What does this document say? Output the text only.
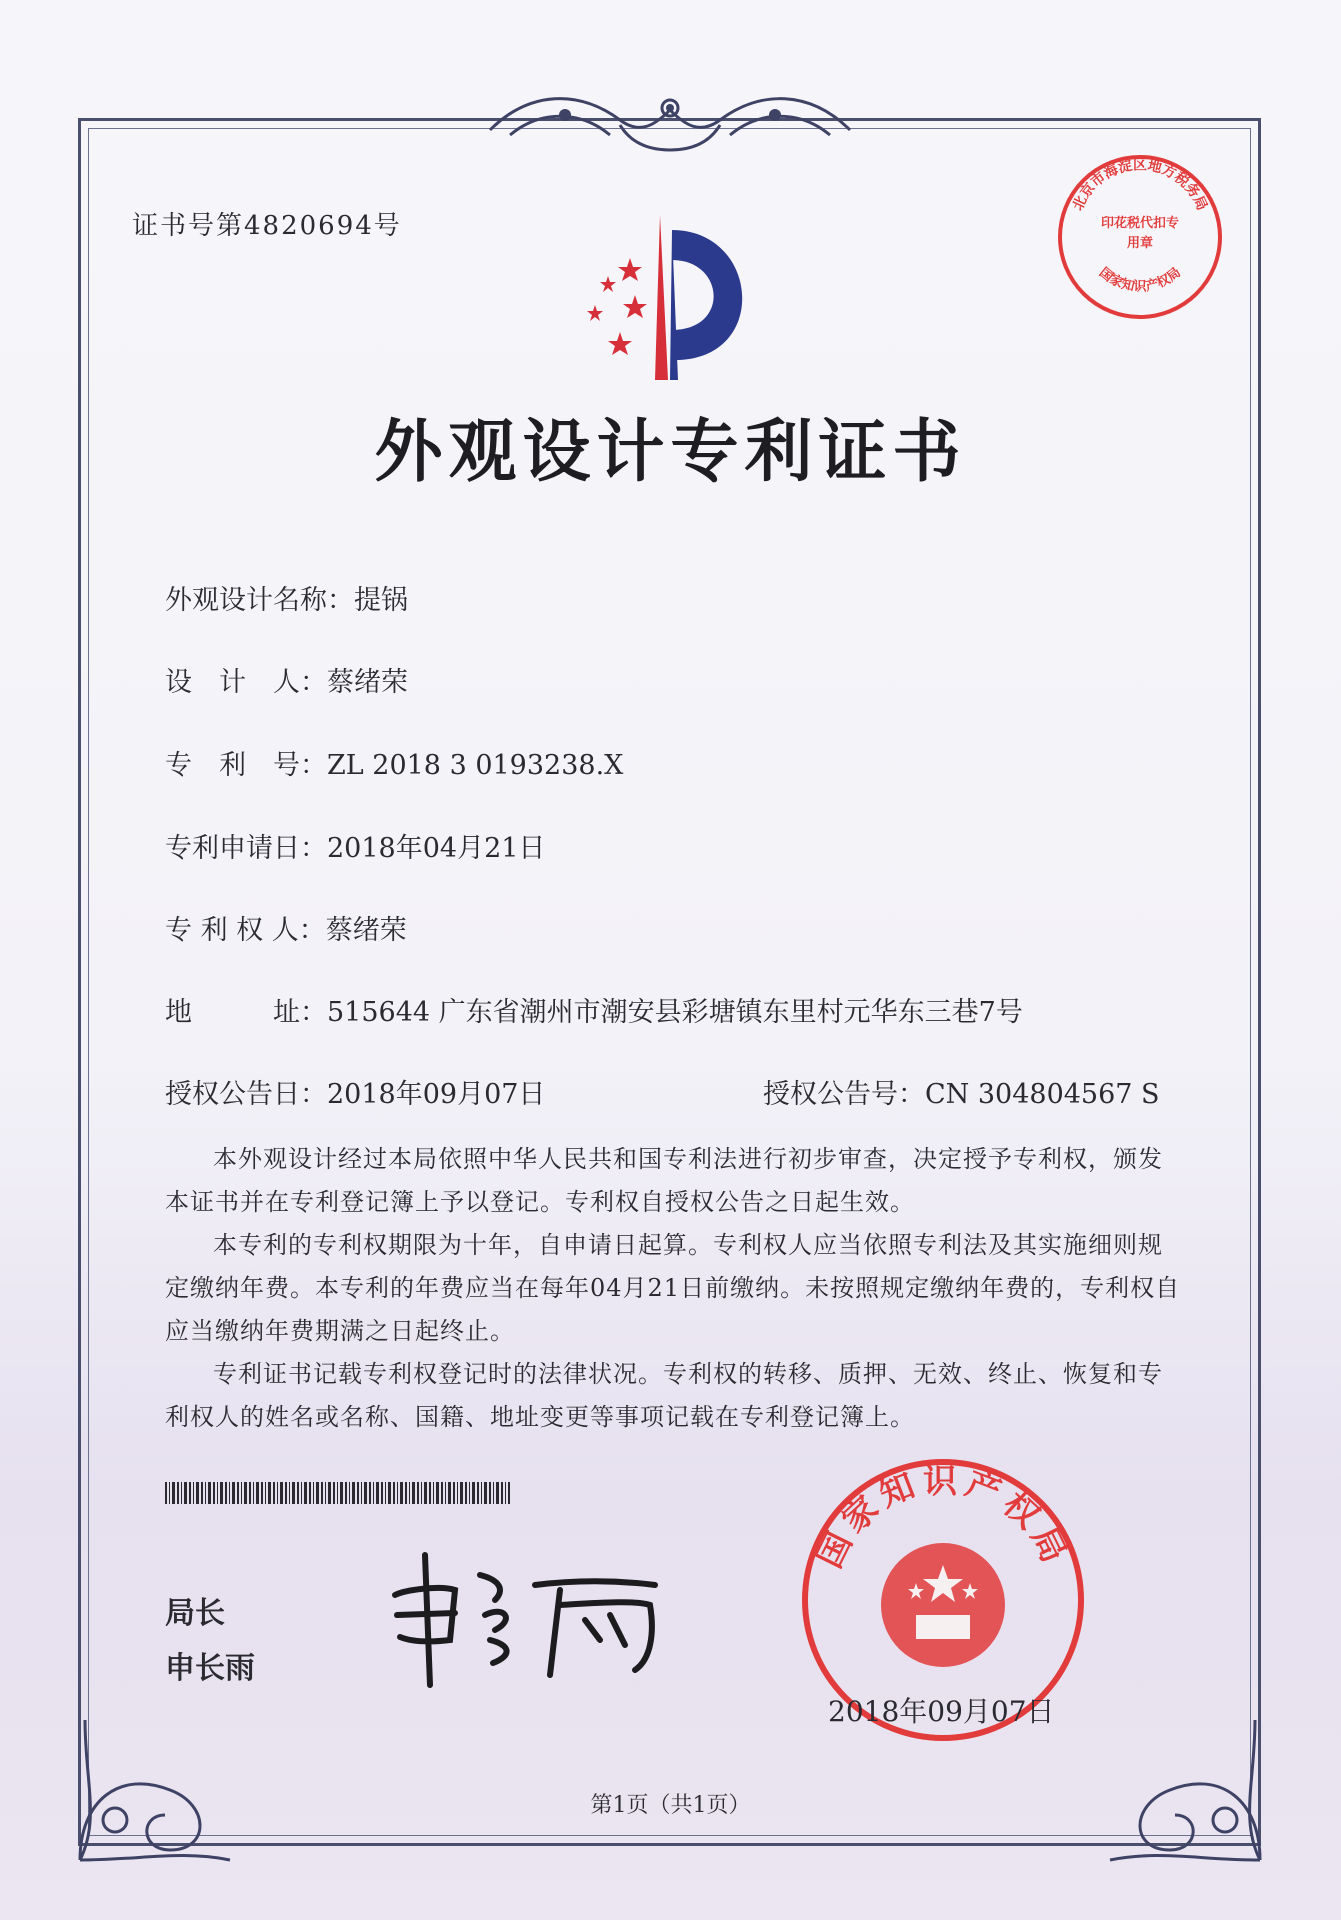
证书号第4820694号
外观设计专利证书
外观设计名称：提锅
设　计　人：蔡绪荣
专　利　号：ZL 2018 3 0193238.X
专利申请日：2018年04月21日
专 利 权 人：蔡绪荣
地　　　址：515644 广东省潮州市潮安县彩塘镇东里村元华东三巷7号
授权公告日：2018年09月07日	授权公告号：CN 304804567 S

本外观设计经过本局依照中华人民共和国专利法进行初步审查，决定授予专利权，颁发本证书并在专利登记簿上予以登记。专利权自授权公告之日起生效。

本专利的专利权期限为十年，自申请日起算。专利权人应当依照专利法及其实施细则规定缴纳年费。本专利的年费应当在每年04月21日前缴纳。未按照规定缴纳年费的，专利权自应当缴纳年费期满之日起终止。

专利证书记载专利权登记时的法律状况。专利权的转移、质押、无效、终止、恢复和专利权人的姓名或名称、国籍、地址变更等事项记载在专利登记簿上。

局长
申长雨
国家知识产权局
2018年09月07日
北京市海淀区地方税务局
国家知识产权局
印花税代扣专用章
第1页（共1页）
